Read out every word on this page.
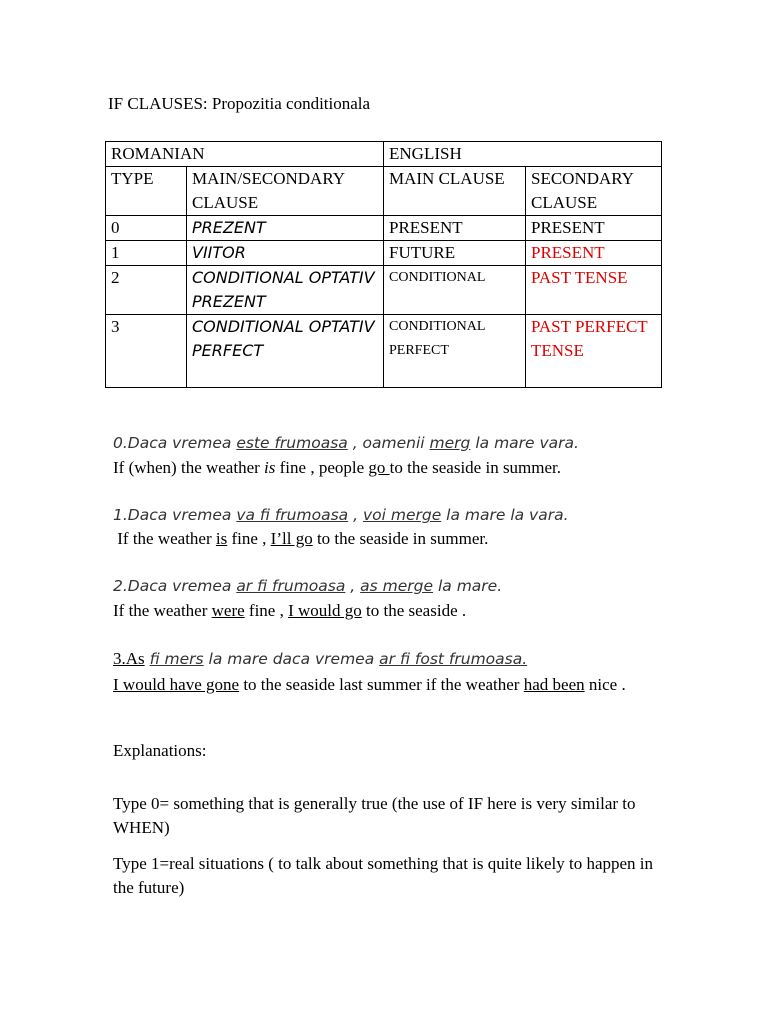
IF CLAUSES: Propozitia conditionala
ROMANIAN		ENGLISH	
TYPE	MAIN/SECONDARY CLAUSE	MAIN CLAUSE	SECONDARY CLAUSE
0	PREZENT	PRESENT	PRESENT
1	VIITOR	FUTURE	PRESENT
2	CONDITIONAL OPTATIV PREZENT	CONDITIONAL	PAST TENSE
3	CONDITIONAL OPTATIV PERFECT	CONDITIONAL PERFECT	PAST PERFECT TENSE
0.Daca vremea este frumoasa , oamenii merg la mare vara.
If (when) the weather is fine , people go to the seaside in summer.
1.Daca vremea va fi frumoasa , voi merge la mare la vara.
If the weather is fine , I’ll go to the seaside in summer.
2.Daca vremea ar fi frumoasa , as merge la mare.
If the weather were fine , I would go to the seaside .
3.As fi mers la mare daca vremea ar fi fost frumoasa.
I would have gone to the seaside last summer if the weather had been nice .
Explanations:
Type 0= something that is generally true (the use of IF here is very similar to WHEN)
Type 1=real situations ( to talk about something that is quite likely to happen in the future)
